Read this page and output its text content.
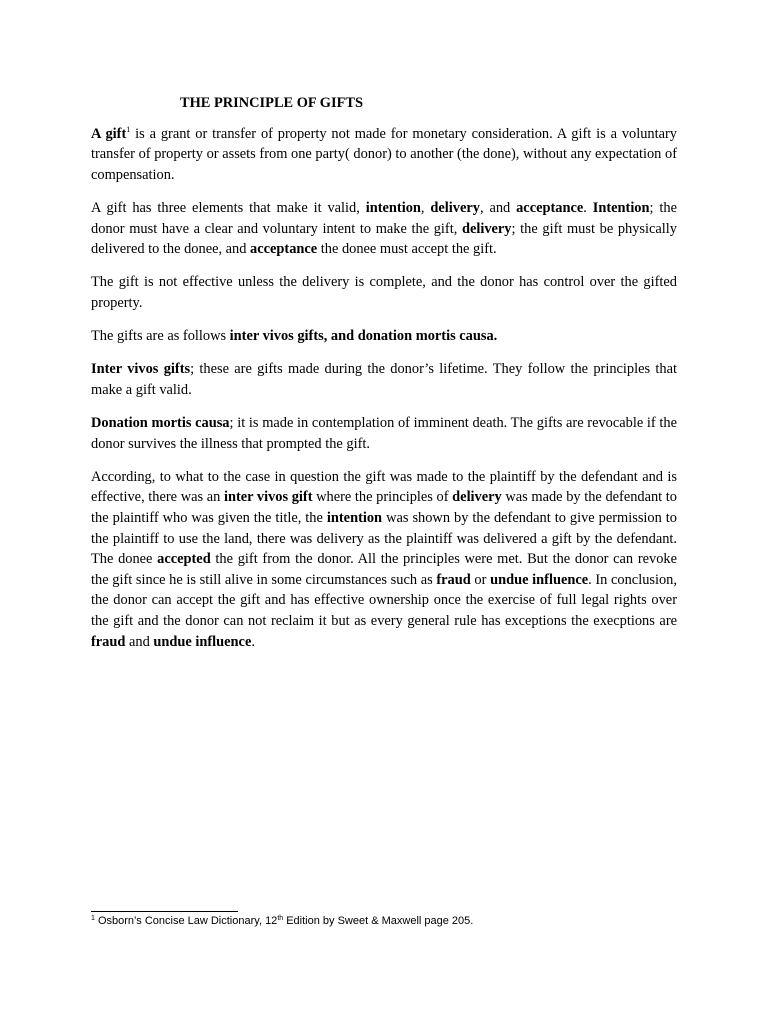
THE PRINCIPLE OF GIFTS

A gift$^1$ is a grant or transfer of property not made for monetary consideration. A gift is a voluntary transfer of property or assets from one party( donor) to another (the done), without any expectation of compensation.

A gift has three elements that make it valid, intention, delivery, and acceptance. Intention; the donor must have a clear and voluntary intent to make the gift, delivery; the gift must be physically delivered to the donee, and acceptance the donee must accept the gift.

The gift is not effective unless the delivery is complete, and the donor has control over the gifted property.

The gifts are as follows inter vivos gifts, and donation mortis causa.

Inter vivos gifts; these are gifts made during the donor’s lifetime. They follow the principles that make a gift valid.

Donation mortis causa; it is made in contemplation of imminent death. The gifts are revocable if the donor survives the illness that prompted the gift.

According, to what to the case in question the gift was made to the plaintiff by the defendant and is effective, there was an inter vivos gift where the principles of delivery was made by the defendant to the plaintiff who was given the title, the intention was shown by the defendant to give permission to the plaintiff to use the land, there was delivery as the plaintiff was delivered a gift by the defendant. The donee accepted the gift from the donor. All the principles were met. But the donor can revoke the gift since he is still alive in some circumstances such as fraud or undue influence. In conclusion, the donor can accept the gift and has effective ownership once the exercise of full legal rights over the gift and the donor can not reclaim it but as every general rule has exceptions the execptions are fraud and undue influence.

$^1$ Osborn’s Concise Law Dictionary, 12th Edition by Sweet & Maxwell page 205.
